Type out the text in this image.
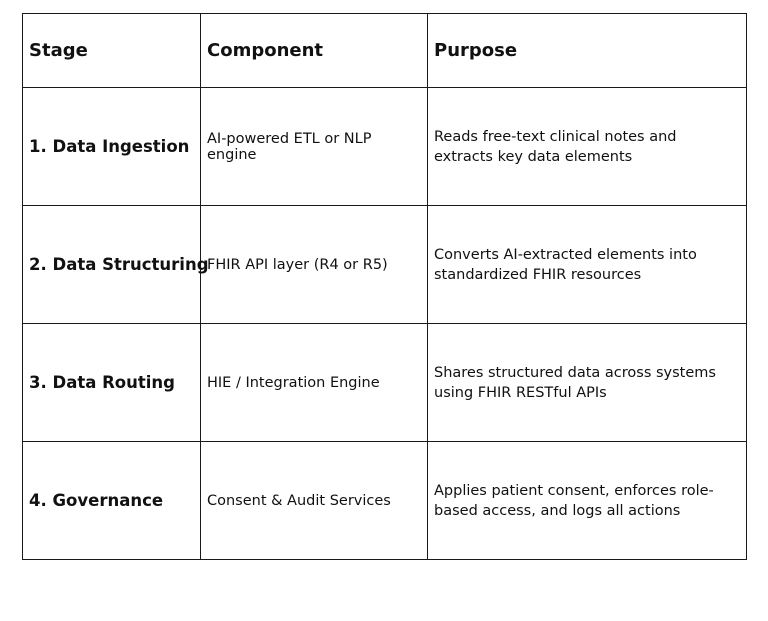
Stage	Component	Purpose
1. Data Ingestion	AI-powered ETL or NLP engine	Reads free-text clinical notes and extracts key data elements
2. Data Structuring	FHIR API layer (R4 or R5)	Converts AI-extracted elements into standardized FHIR resources
3. Data Routing	HIE / Integration Engine	Shares structured data across systems using FHIR RESTful APIs
4. Governance	Consent & Audit Services	Applies patient consent, enforces role-based access, and logs all actions
